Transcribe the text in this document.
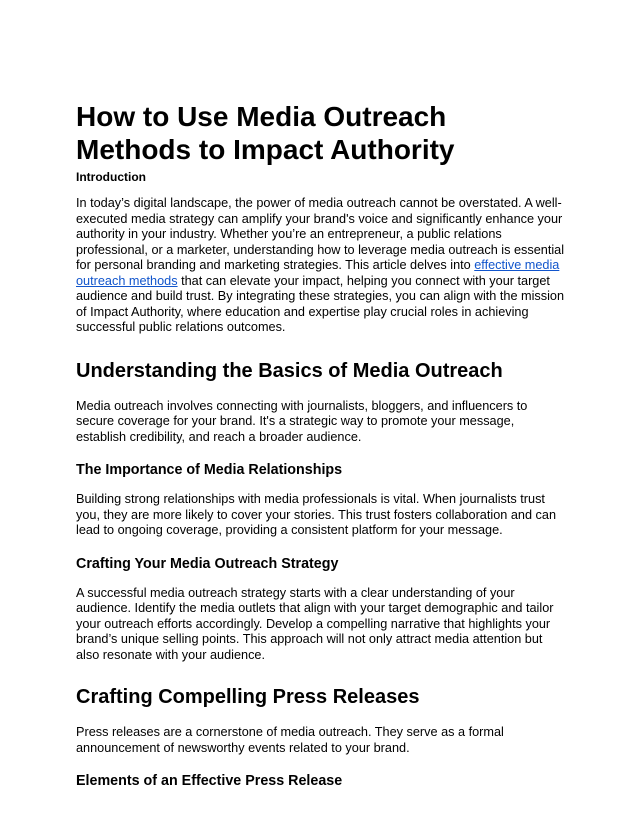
How to Use Media Outreach Methods to Impact Authority
Introduction

In today’s digital landscape, the power of media outreach cannot be overstated. A well-executed media strategy can amplify your brand's voice and significantly enhance your authority in your industry. Whether you’re an entrepreneur, a public relations professional, or a marketer, understanding how to leverage media outreach is essential for personal branding and marketing strategies. This article delves into effective media outreach methods that can elevate your impact, helping you connect with your target audience and build trust. By integrating these strategies, you can align with the mission of Impact Authority, where education and expertise play crucial roles in achieving successful public relations outcomes.

Understanding the Basics of Media Outreach

Media outreach involves connecting with journalists, bloggers, and influencers to secure coverage for your brand. It's a strategic way to promote your message, establish credibility, and reach a broader audience.

The Importance of Media Relationships

Building strong relationships with media professionals is vital. When journalists trust you, they are more likely to cover your stories. This trust fosters collaboration and can lead to ongoing coverage, providing a consistent platform for your message.

Crafting Your Media Outreach Strategy

A successful media outreach strategy starts with a clear understanding of your audience. Identify the media outlets that align with your target demographic and tailor your outreach efforts accordingly. Develop a compelling narrative that highlights your brand’s unique selling points. This approach will not only attract media attention but also resonate with your audience.

Crafting Compelling Press Releases

Press releases are a cornerstone of media outreach. They serve as a formal announcement of newsworthy events related to your brand.

Elements of an Effective Press Release
